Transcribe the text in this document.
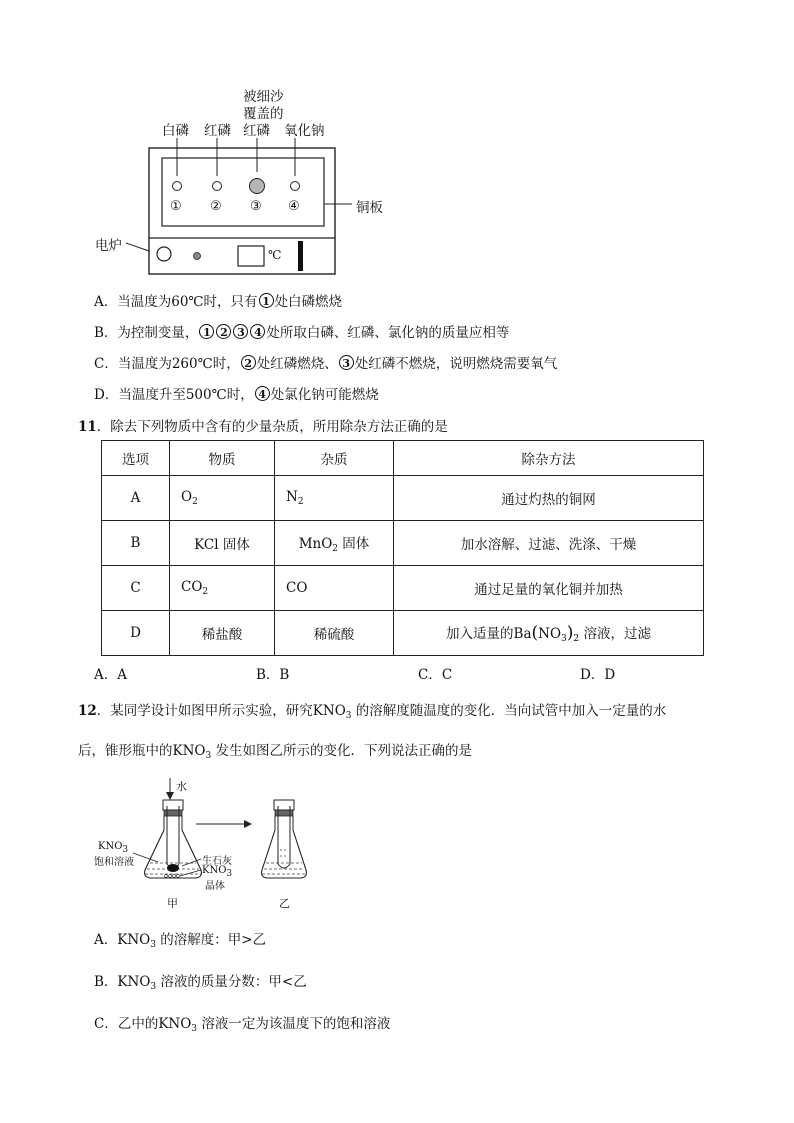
白磷 红磷
被细沙
覆盖的
红磷 氧化钠
① ② ③ ④	铜板
电炉
℃
A．当温度为60℃时，只有 1 处白磷燃烧
B．为控制变量， 1 2 3 4 处所取白磷、红磷、氯化钠的质量应相等
C．当温度为260℃时， 2 处红磷燃烧、 3 处红磷不燃烧，说明燃烧需要氧气
D．当温度升至500℃时， 4 处氯化钠可能燃烧
11．除去下列物质中含有的少量杂质，所用除杂方法正确的是
选项	物质	杂质	除杂方法
A	$O_2$	$N_2$	通过灼热的铜网
B	KCl 固体	MnO$_2$ 固体	加水溶解、过滤、洗涤、干燥
C	$CO_2$	CO	通过足量的氧化铜并加热
D	稀盐酸	稀硫酸	加入适量的$Ba(NO_3)_2$ 溶液，过滤
A．A	B．B	C．C	D．D
12．某同学设计如图甲所示实验，研究$KNO_3$ 的溶解度随温度的变化．当向试管中加入一定量的水
后，锥形瓶中的$KNO_3$ 发生如图乙所示的变化．下列说法正确的是
水
$KNO_3$
饱和溶液	生石灰
$KNO_3$
晶体
甲	乙
A．$KNO_3$ 的溶解度：甲>乙
B．$KNO_3$ 溶液的质量分数：甲<乙
C．乙中的$KNO_3$ 溶液一定为该温度下的饱和溶液
